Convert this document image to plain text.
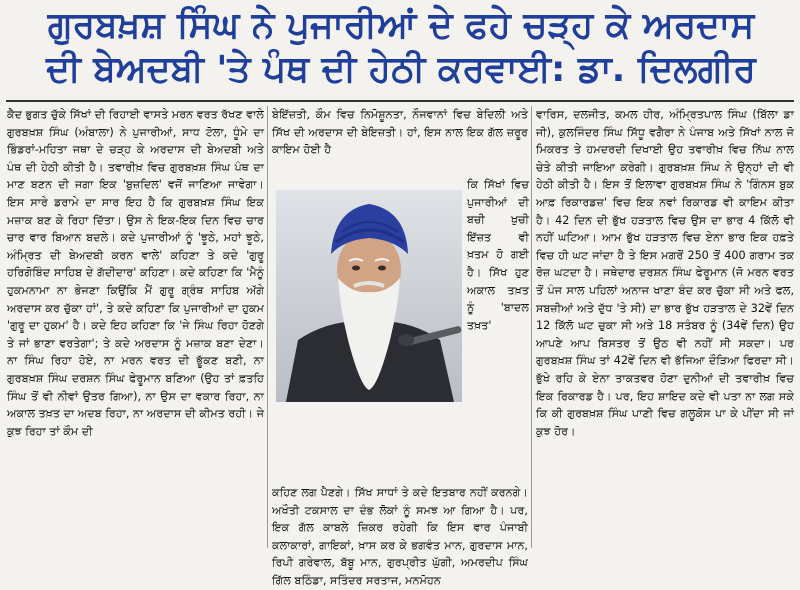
ਗੁਰਬਖ਼ਸ਼ ਸਿੰਘ ਨੇ ਪੁਜਾਰੀਆਂ ਦੇ ਫਹੇ ਚੜ੍ਹ ਕੇ ਅਰਦਾਸ
ਦੀ ਬੇਅਦਬੀ 'ਤੇ ਪੰਥ ਦੀ ਹੇਠੀ ਕਰਵਾਈ: ਡਾ. ਦਿਲਗੀਰ

ਕੈਦ ਭੁਗਤ ਚੁੱਕੇ ਸਿੱਖਾਂ ਦੀ ਰਿਹਾਈ ਵਾਸਤੇ ਮਰਨ ਵਰਤ ਰੱਖਣ ਵਾਲੇ ਗੁਰਬਖ਼ਸ਼ ਸਿੰਘ (ਅੰਬਾਲਾ) ਨੇ ਪੁਜਾਰੀਆਂ, ਸਾਧ ਟੋਲਾ, ਧੂੰਮੇ ਦਾ ਭਿੰਡਰਾਂ-ਮਹਿਤਾ ਜਥਾ ਦੇ ਚੜ੍ਹ ਕੇ ਅਰਦਾਸ ਦੀ ਬੇਅਦਬੀ ਅਤੇ ਪੰਥ ਦੀ ਹੇਠੀ ਕੀਤੀ ਹੈ। ਤਵਾਰੀਖ਼ ਵਿਚ ਗੁਰਬਖ਼ਸ਼ ਸਿੰਘ ਪੰਥ ਦਾ ਮਾਣ ਬਣਨ ਦੀ ਜਗਾ ਇਕ 'ਬੁਜ਼ਦਿਲ' ਵਜੋਂ ਜਾਣਿਆ ਜਾਵੇਗਾ। ਇਸ ਸਾਰੇ ਡਰਾਮੇ ਦਾ ਸਾਰ ਇਹ ਹੈ ਕਿ ਗੁਰਬਖ਼ਸ਼ ਸਿੰਘ ਇਕ ਮਜ਼ਾਕ ਬਣ ਕੇ ਰਿਹਾ ਦਿੱਤਾ। ਉਸ ਨੇ ਇਕ-ਇਕ ਦਿਨ ਵਿਚ ਚਾਰ ਚਾਰ ਵਾਰ ਬਿਆਨ ਬਦਲੇ। ਕਦੇ ਪੁਜਾਰੀਆਂ ਨੂੰ 'ਝੂਠੇ, ਮਹਾਂ ਝੂਠੇ, ਅੰਮ੍ਰਿਤ ਦੀ ਬੇਅਦਬੀ ਕਰਨ ਵਾਲੇ' ਕਹਿਣਾ ਤੇ ਕਦੇ 'ਗੁਰੂ ਹਰਿਗੋਬਿੰਦ ਸਾਹਿਬ ਦੇ ਗੱਦੀਦਾਰ' ਕਹਿਣਾ। ਕਦੇ ਕਹਿਣਾ ਕਿ 'ਮੈਨੂੰ ਹੁਕਮਨਾਮਾ ਨਾ ਭੇਜਣਾ ਕਿਉਂਕਿ ਮੈਂ ਗੁਰੂ ਗ੍ਰੰਥ ਸਾਹਿਬ ਅੱਗੇ ਅਰਦਾਸ ਕਰ ਚੁੱਕਾ ਹਾਂ', ਤੇ ਕਦੇ ਕਹਿਣਾ ਕਿ ਪੁਜਾਰੀਆਂ ਦਾ ਹੁਕਮ 'ਗੁਰੂ ਦਾ ਹੁਕਮ' ਹੈ। ਕਦੇ ਇਹ ਕਹਿਣਾ ਕਿ 'ਜੇ ਸਿੰਘ ਰਿਹਾ ਹੋਣਗੇ ਤੇ ਜਾਂ ਭਾਣਾ ਵਰਤੇਗਾ'; ਤੇ ਕਦੇ ਅਰਦਾਸ ਨੂੰ ਮਜ਼ਾਕ ਬਣਾ ਦੇਣਾ। ਨਾ ਸਿੰਘ ਰਿਹਾ ਹੋਏ, ਨਾ ਮਰਨ ਵਰਤ ਦੀ ਭੂੱਕਣ ਬਣੀ, ਨਾ ਗੁਰਬਖ਼ਸ਼ ਸਿੰਘ ਦਰਸ਼ਨ ਸਿੰਘ ਫੇਰੂਮਾਨ ਬਣਿਆ (ਉਹ ਤਾਂ ਫ਼ਤਹਿ ਸਿੰਘ ਤੋਂ ਵੀ ਨੀਵਾਂ ਉਤਰ ਗਿਆ), ਨਾ ਉਸ ਦਾ ਵਕਾਰ ਰਿਹਾ, ਨਾ ਅਕਾਲ ਤਖ਼ਤ ਦਾ ਅਦਬ ਰਿਹਾ, ਨਾ ਅਰਦਾਸ ਦੀ ਕੀਮਤ ਰਹੀ। ਜੇ ਕੁਝ ਰਿਹਾ ਤਾਂ ਕੌਮ ਦੀ

ਬੇਇੱਜ਼ਤੀ, ਕੌਮ ਵਿਚ ਨਿਮੋਸ਼ੂਨਤਾ, ਨੌਜਵਾਨਾਂ ਵਿਚ ਬੇਦਿਲੀ ਅਤੇ ਸਿੱਖ ਦੀ ਅਰਦਾਸ ਦੀ ਬੇਇਜ਼ਤੀ। ਹਾਂ, ਇਸ ਨਾਲ ਇਕ ਗੱਲ ਜ਼ਰੂਰ ਕਾਇਮ ਹੋਈ ਹੈ

ਕਿ ਸਿੱਖਾਂ ਵਿਚ ਪੁਜਾਰੀਆਂ ਦੀ ਬਚੀ ਖੁਚੀ ਇੱਜ਼ਤ ਵੀ ਖ਼ਤਮ ਹੋ ਗਈ ਹੈ। ਸਿੱਖ ਹੁਣ ਅਕਾਲ ਤਖ਼ਤ ਨੂੰ 'ਬਾਦਲ ਤਖ਼ਤ'

ਕਹਿਣ ਲਗ ਪੈਣਗੇ। ਸਿੱਖ ਸਾਧਾਂ ਤੇ ਕਦੇ ਇਤਬਾਰ ਨਹੀਂ ਕਰਨਗੇ। ਅਖੌਤੀ ਟਕਸਾਲ ਦਾ ਦੰਭ ਲੋਕਾਂ ਨੂੰ ਸਮਝ ਆ ਗਿਆ ਹੈ। ਪਰ, ਇਕ ਗੱਲ ਕਾਬਲੇ ਜ਼ਿਕਰ ਰਹੇਗੀ ਕਿ ਇਸ ਵਾਰ ਪੰਜਾਬੀ ਕਲਾਕਾਰਾਂ, ਗਾਇਕਾਂ, ਖ਼ਾਸ ਕਰ ਕੇ ਭਗਵੰਤ ਮਾਨ, ਗੁਰਦਾਸ ਮਾਨ, ਰਿਪੀ ਗਰੇਵਾਲ, ਬੱਬੂ ਮਾਨ, ਗੁਰਪ੍ਰੀਤ ਘੁੱਗੀ, ਅਮਰਦੀਪ ਸਿੰਘ ਗਿੱਲ ਬਠਿੰਡਾ, ਸਤਿੰਦਰ ਸਰਤਾਜ, ਮਨਮੋਹਨ

ਵਾਰਿਸ, ਦਲਜੀਤ, ਕਮਲ ਹੀਰ, ਅੰਮ੍ਰਿਤਪਾਲ ਸਿੰਘ (ਬਿੱਲਾ ਡਾ ਜੀ), ਕੁਲਜਿੰਦਰ ਸਿੰਘ ਸਿੱਧੂ ਵਗੈਰਾ ਨੇ ਪੰਜਾਬ ਅਤੇ ਸਿੱਖਾਂ ਨਾਲ ਜੋ ਮਿਕਰਤ ਤੇ ਹਮਦਰਦੀ ਦਿਖਾਈ ਉਹ ਤਵਾਰੀਖ਼ ਵਿਚ ਨਿੱਘ ਨਾਲ ਚੇਤੇ ਕੀਤੀ ਜਾਇਆ ਕਰੇਗੀ। ਗੁਰਬਖ਼ਸ਼ ਸਿੰਘ ਨੇ ਉਨ੍ਹਾਂ ਦੀ ਵੀ ਹੇਠੀ ਕੀਤੀ ਹੈ। ਇਸ ਤੋਂ ਇਲਾਵਾ ਗੁਰਬਖ਼ਸ਼ ਸਿੰਘ ਨੇ 'ਗਿੰਨਸ ਬੁਕ ਆਫ਼ ਰਿਕਾਰਡਜ਼' ਵਿਚ ਇਕ ਨਵਾਂ ਰਿਕਾਰਡ ਵੀ ਕਾਇਮ ਕੀਤਾ ਹੈ। 42 ਦਿਨ ਦੀ ਭੁੱਖ ਹੜਤਾਲ ਵਿਚ ਉਸ ਦਾ ਭਾਰ 4 ਕਿੱਲੋ ਵੀ ਨਹੀਂ ਘਟਿਆ। ਆਮ ਭੁੱਖ ਹੜਤਾਲ ਵਿਚ ਏਨਾ ਭਾਰ ਇਕ ਹਫ਼ਤੇ ਵਿਚ ਹੀ ਘਟ ਜਾਂਦਾ ਹੈ ਤੇ ਇਸ ਮਗਰੋਂ 250 ਤੋਂ 400 ਗਰਾਮ ਤਕ ਰੋਜ਼ ਘਟਦਾ ਹੈ। ਜਥੇਦਾਰ ਦਰਸ਼ਨ ਸਿੰਘ ਫੇਰੂਮਾਨ (ਜੋ ਮਰਨ ਵਰਤ ਤੋਂ ਪੰਜ ਸਾਲ ਪਹਿਲਾਂ ਅਨਾਜ ਖਾਣਾ ਬੰਦ ਕਰ ਚੁੱਕਾ ਸੀ ਅਤੇ ਫਲ, ਸਬਜ਼ੀਆਂ ਅਤੇ ਦੁੱਧ 'ਤੇ ਸੀ) ਦਾ ਭਾਰ ਭੁੱਖ ਹੜਤਾਲ ਦੇ 32ਵੇਂ ਦਿਨ 12 ਕਿੱਲੋ ਘਟ ਚੁਕਾ ਸੀ ਅਤੇ 18 ਸਤੰਬਰ ਨੂੰ (34ਵੇਂ ਦਿਨ) ਉਹ ਆਪਣੇ ਆਪ ਬਿਸਤਰ ਤੋਂ ਉਠ ਵੀ ਨਹੀਂ ਸੀ ਸਕਦਾ। ਪਰ ਗੁਰਬਖ਼ਸ਼ ਸਿੰਘ ਤਾਂ 42ਵੇਂ ਦਿਨ ਵੀ ਭੱਜਿਆ ਦੌੜਿਆ ਫਿਰਦਾ ਸੀ। ਭੁੱਖੇ ਰਹਿ ਕੇ ਏਨਾ ਤਾਕਤਵਰ ਹੋਣਾ ਦੁਨੀਆਂ ਦੀ ਤਵਾਰੀਖ਼ ਵਿਚ ਇਕ ਰਿਕਾਰਡ ਹੈ। ਪਰ, ਇਹ ਸ਼ਾਇਦ ਕਦੇ ਵੀ ਪਤਾ ਨਾ ਲਗ ਸਕੇ ਕਿ ਕੀ ਗੁਰਬਖ਼ਸ਼ ਸਿੰਘ ਪਾਣੀ ਵਿਚ ਗਲੂਕੋਸ ਪਾ ਕੇ ਪੀਂਦਾ ਸੀ ਜਾਂ ਕੁਝ ਹੋਰ।
